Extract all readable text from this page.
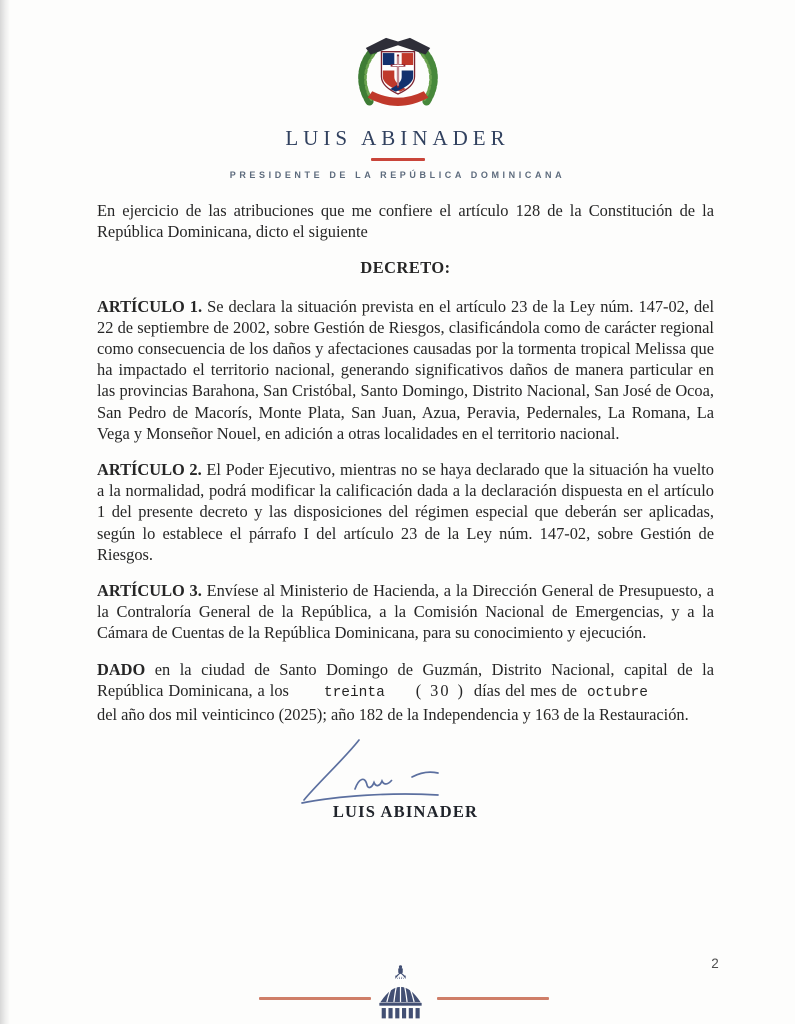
LUIS ABINADER
PRESIDENTE DE LA REPÚBLICA DOMINICANA

En ejercicio de las atribuciones que me confiere el artículo 128 de la Constitución de la República Dominicana, dicto el siguiente

DECRETO:

ARTÍCULO 1. Se declara la situación prevista en el artículo 23 de la Ley núm. 147-02, del 22 de septiembre de 2002, sobre Gestión de Riesgos, clasificándola como de carácter regional como consecuencia de los daños y afectaciones causadas por la tormenta tropical Melissa que ha impactado el territorio nacional, generando significativos daños de manera particular en las provincias Barahona, San Cristóbal, Santo Domingo, Distrito Nacional, San José de Ocoa, San Pedro de Macorís, Monte Plata, San Juan, Azua, Peravia, Pedernales, La Romana, La Vega y Monseñor Nouel, en adición a otras localidades en el territorio nacional.

ARTÍCULO 2. El Poder Ejecutivo, mientras no se haya declarado que la situación ha vuelto a la normalidad, podrá modificar la calificación dada a la declaración dispuesta en el artículo 1 del presente decreto y las disposiciones del régimen especial que deberán ser aplicadas, según lo establece el párrafo I del artículo 23 de la Ley núm. 147-02, sobre Gestión de Riesgos.

ARTÍCULO 3. Envíese al Ministerio de Hacienda, a la Dirección General de Presupuesto, a la Contraloría General de la República, a la Comisión Nacional de Emergencias, y a la Cámara de Cuentas de la República Dominicana, para su conocimiento y ejecución.

DADO en la ciudad de Santo Domingo de Guzmán, Distrito Nacional, capital de la República Dominicana, a los treinta ( 30 ) días del mes de octubre del año dos mil veinticinco (2025); año 182 de la Independencia y 163 de la Restauración.

LUIS ABINADER
2
